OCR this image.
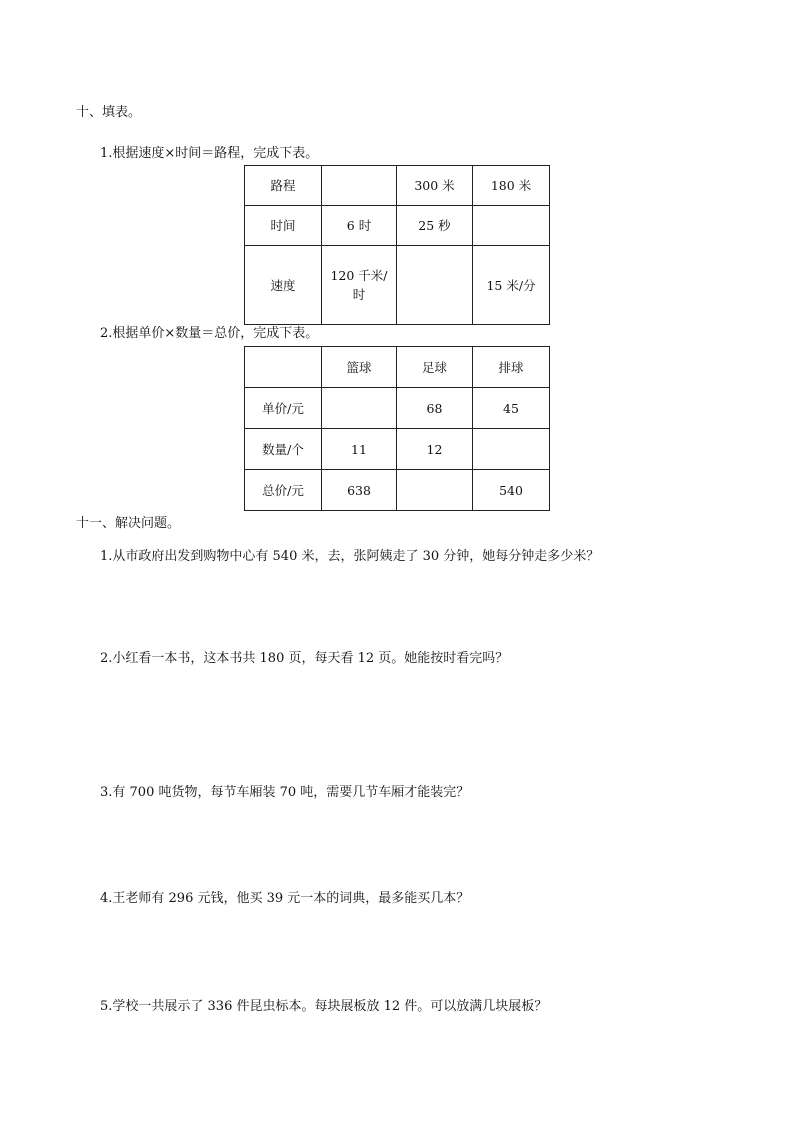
十、填表。
1.根据速度×时间＝路程，完成下表。
路程		300 米	180 米
时间	6 时	25 秒	
速度	120 千米/时		15 米/分
2.根据单价×数量＝总价，完成下表。
	篮球	足球	排球
单价/元		68	45
数量/个	11	12	
总价/元	638		540
十一、解决问题。
1.从市政府出发到购物中心有 540 米，去，张阿姨走了 30 分钟，她每分钟走多少米？
2.小红看一本书，这本书共 180 页，每天看 12 页。她能按时看完吗？
3.有 700 吨货物，每节车厢装 70 吨，需要几节车厢才能装完？
4.王老师有 296 元钱，他买 39 元一本的词典，最多能买几本？
5.学校一共展示了 336 件昆虫标本。每块展板放 12 件。可以放满几块展板？
